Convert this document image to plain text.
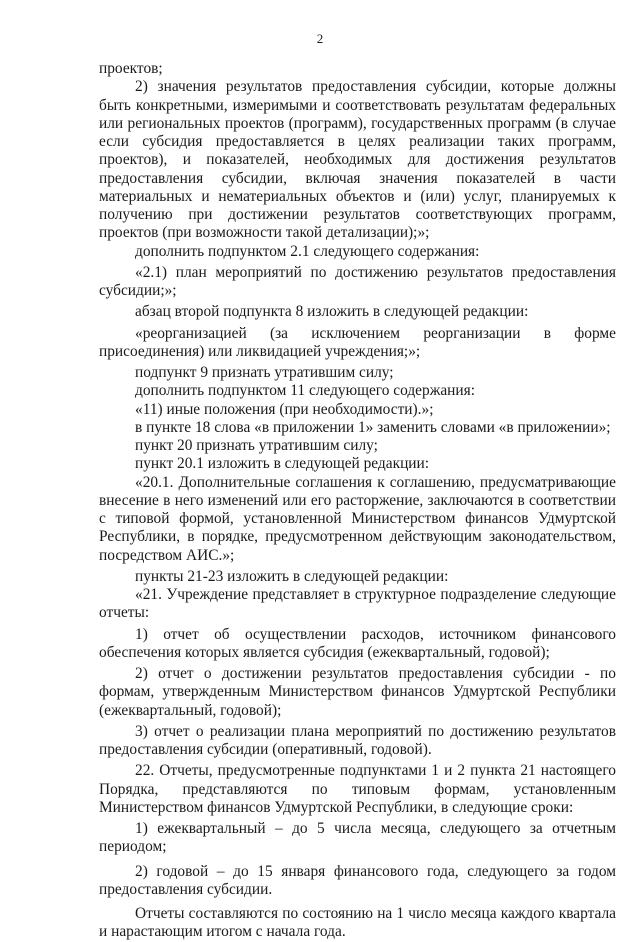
2

проектов;

2) значения результатов предоставления субсидии, которые должны быть конкретными, измеримыми и соответствовать результатам федеральных или региональных проектов (программ), государственных программ (в случае если субсидия предоставляется в целях реализации таких программ, проектов), и показателей, необходимых для достижения результатов предоставления субсидии, включая значения показателей в части материальных и нематериальных объектов и (или) услуг, планируемых к получению при достижении результатов соответствующих программ, проектов (при возможности такой детализации);»;

дополнить подпунктом 2.1 следующего содержания:

«2.1) план мероприятий по достижению результатов предоставления субсидии;»;

абзац второй подпункта 8 изложить в следующей редакции:

«реорганизацией (за исключением реорганизации в форме присоединения) или ликвидацией учреждения;»;

подпункт 9 признать утратившим силу;

дополнить подпунктом 11 следующего содержания:

«11) иные положения (при необходимости).»;

в пункте 18 слова «в приложении 1» заменить словами «в приложении»;

пункт 20 признать утратившим силу;

пункт 20.1 изложить в следующей редакции:

«20.1. Дополнительные соглашения к соглашению, предусматривающие внесение в него изменений или его расторжение, заключаются в соответствии с типовой формой, установленной Министерством финансов Удмуртской Республики, в порядке, предусмотренном действующим законодательством, посредством АИС.»;

пункты 21-23 изложить в следующей редакции:

«21. Учреждение представляет в структурное подразделение следующие отчеты:

1) отчет об осуществлении расходов, источником финансового обеспечения которых является субсидия (ежеквартальный, годовой);

2) отчет о достижении результатов предоставления субсидии - по формам, утвержденным Министерством финансов Удмуртской Республики (ежеквартальный, годовой);

3) отчет о реализации плана мероприятий по достижению результатов предоставления субсидии (оперативный, годовой).

22. Отчеты, предусмотренные подпунктами 1 и 2 пункта 21 настоящего Порядка, представляются по типовым формам, установленным Министерством финансов Удмуртской Республики, в следующие сроки:

1) ежеквартальный – до 5 числа месяца, следующего за отчетным периодом;

2) годовой – до 15 января финансового года, следующего за годом предоставления субсидии.

Отчеты составляются по состоянию на 1 число месяца каждого квартала и нарастающим итогом с начала года.
